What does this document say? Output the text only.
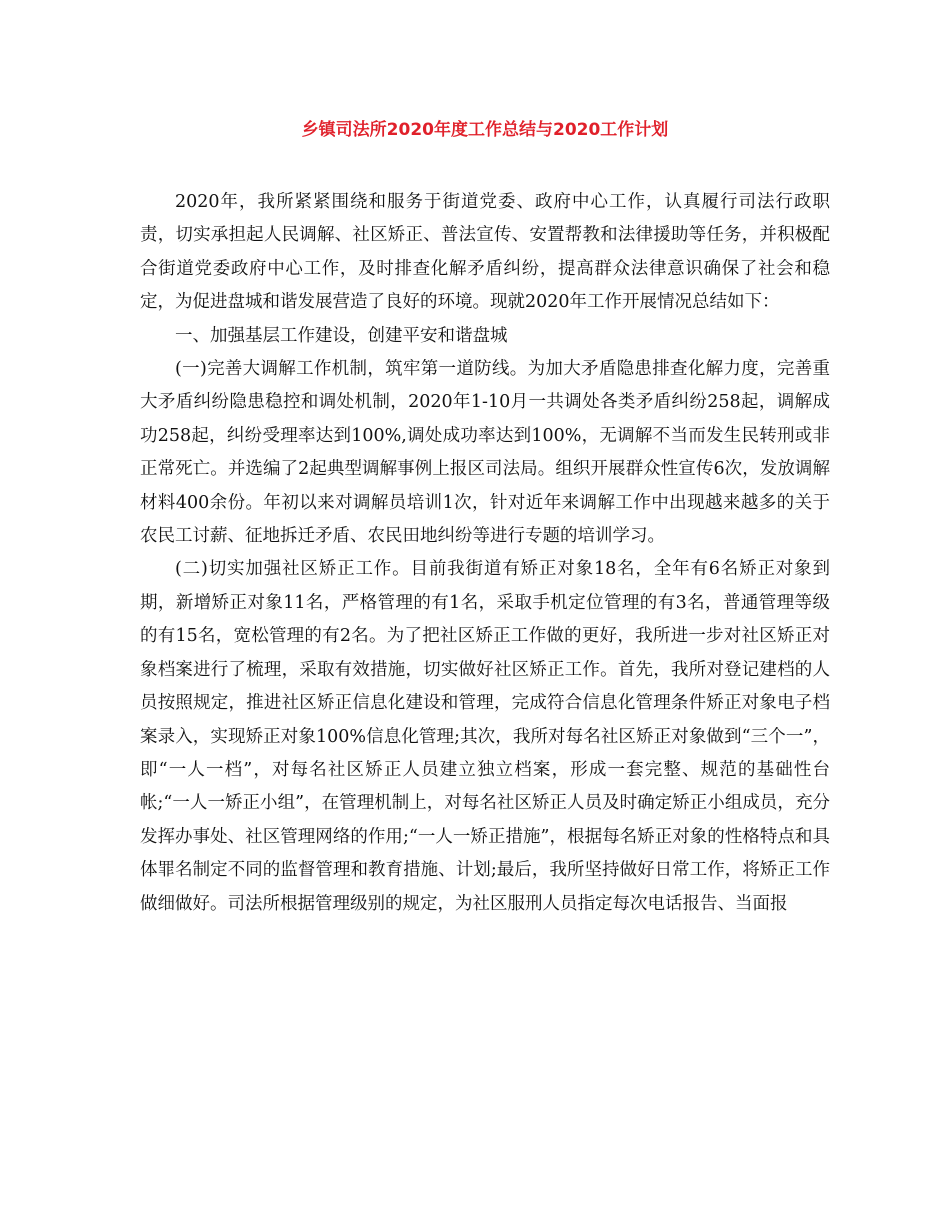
乡镇司法所2020年度工作总结与2020工作计划

2020年，我所紧紧围绕和服务于街道党委、政府中心工作，认真履行司法行政职责，切实承担起人民调解、社区矫正、普法宣传、安置帮教和法律援助等任务，并积极配合街道党委政府中心工作，及时排查化解矛盾纠纷，提高群众法律意识确保了社会和稳定，为促进盘城和谐发展营造了良好的环境。现就2020年工作开展情况总结如下：

一、加强基层工作建设，创建平安和谐盘城

(一)完善大调解工作机制，筑牢第一道防线。为加大矛盾隐患排查化解力度，完善重大矛盾纠纷隐患稳控和调处机制，2020年1-10月一共调处各类矛盾纠纷258起，调解成功258起，纠纷受理率达到100%,调处成功率达到100%，无调解不当而发生民转刑或非正常死亡。并选编了2起典型调解事例上报区司法局。组织开展群众性宣传6次，发放调解材料400余份。年初以来对调解员培训1次，针对近年来调解工作中出现越来越多的关于农民工讨薪、征地拆迁矛盾、农民田地纠纷等进行专题的培训学习。

(二)切实加强社区矫正工作。目前我街道有矫正对象18名，全年有6名矫正对象到期，新增矫正对象11名，严格管理的有1名，采取手机定位管理的有3名，普通管理等级的有15名，宽松管理的有2名。为了把社区矫正工作做的更好，我所进一步对社区矫正对象档案进行了梳理，采取有效措施，切实做好社区矫正工作。首先，我所对登记建档的人员按照规定，推进社区矫正信息化建设和管理，完成符合信息化管理条件矫正对象电子档案录入，实现矫正对象100%信息化管理;其次，我所对每名社区矫正对象做到“三个一”，即“一人一档”，对每名社区矫正人员建立独立档案，形成一套完整、规范的基础性台帐;“一人一矫正小组”，在管理机制上，对每名社区矫正人员及时确定矫正小组成员，充分发挥办事处、社区管理网络的作用;“一人一矫正措施”，根据每名矫正对象的性格特点和具体罪名制定不同的监督管理和教育措施、计划;最后，我所坚持做好日常工作，将矫正工作做细做好。司法所根据管理级别的规定，为社区服刑人员指定每次电话报告、当面报
